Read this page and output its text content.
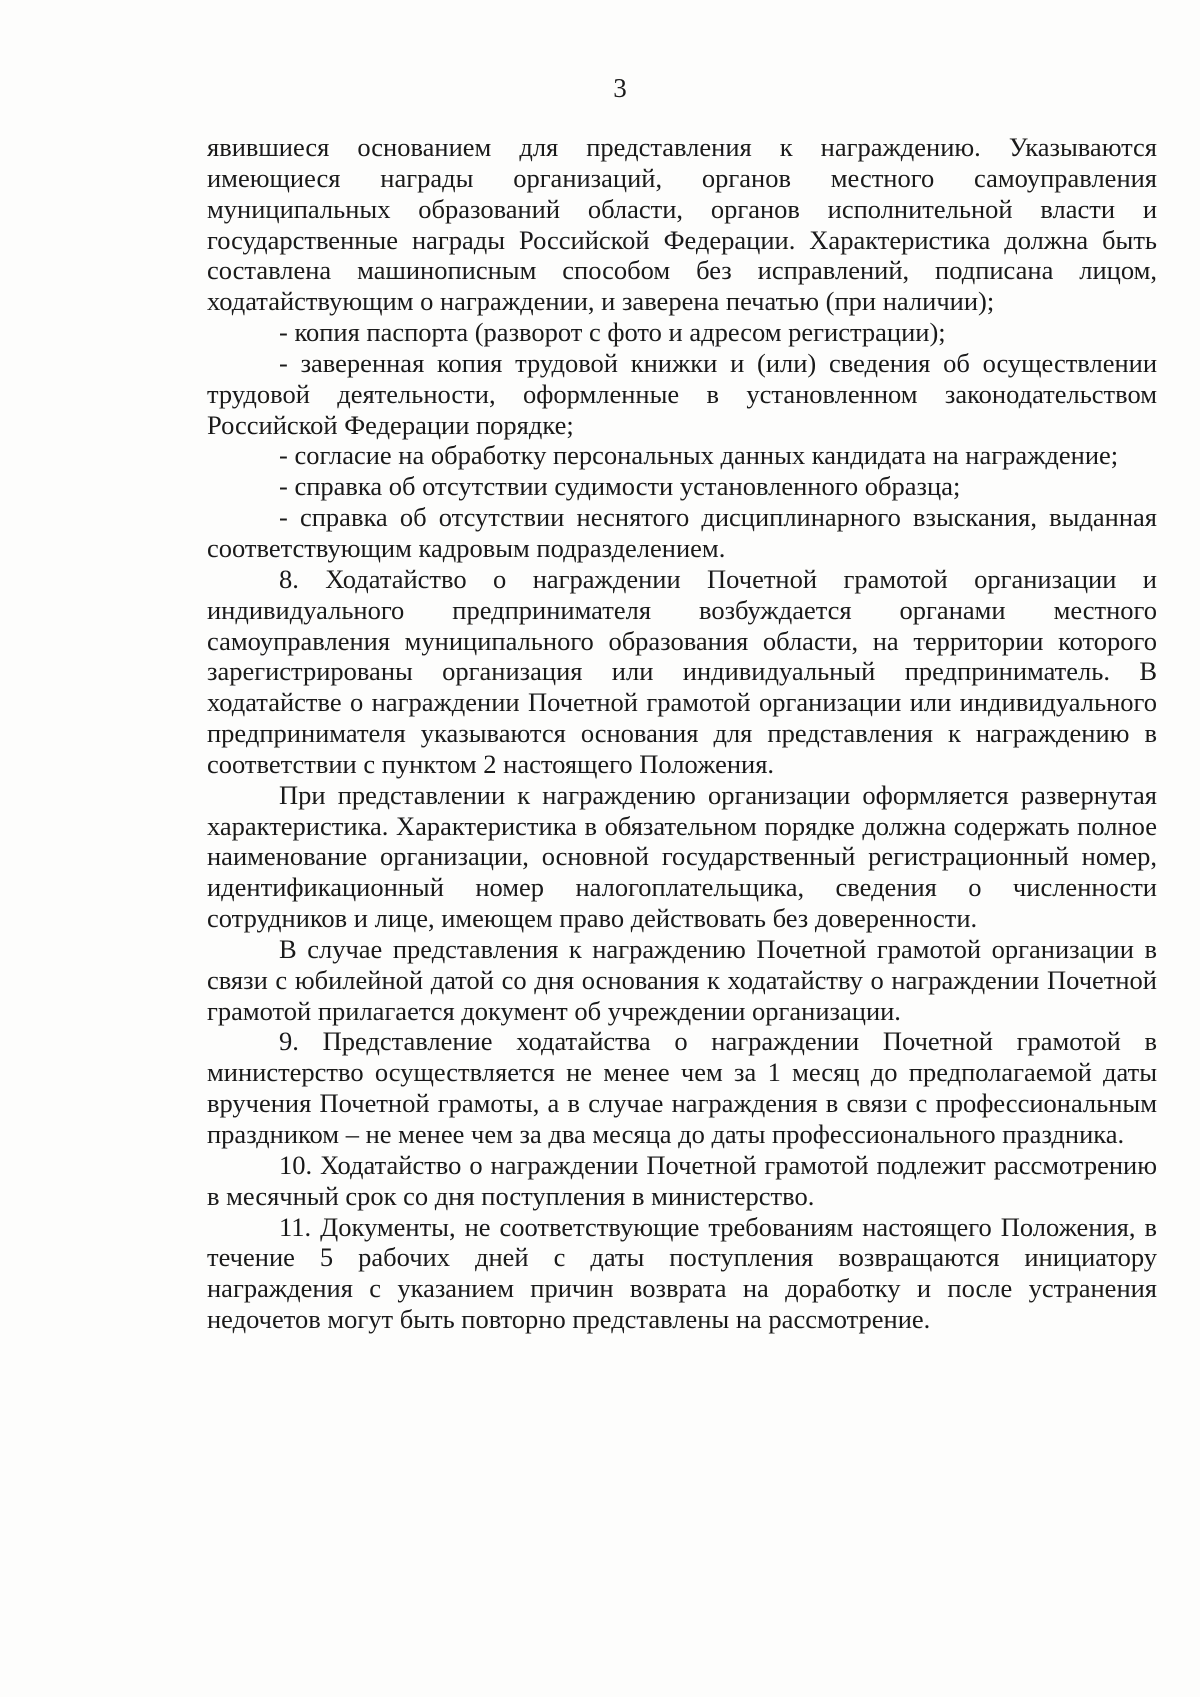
3

явившиеся основанием для представления к награждению. Указываются имеющиеся награды организаций, органов местного самоуправления муниципальных образований области, органов исполнительной власти и государственные награды Российской Федерации. Характеристика должна быть составлена машинописным способом без исправлений, подписана лицом, ходатайствующим о награждении, и заверена печатью (при наличии);

- копия паспорта (разворот с фото и адресом регистрации);

- заверенная копия трудовой книжки и (или) сведения об осуществлении трудовой деятельности, оформленные в установленном законодательством Российской Федерации порядке;

- согласие на обработку персональных данных кандидата на награждение;

- справка об отсутствии судимости установленного образца;

- справка об отсутствии неснятого дисциплинарного взыскания, выданная соответствующим кадровым подразделением.

8. Ходатайство о награждении Почетной грамотой организации и индивидуального предпринимателя возбуждается органами местного самоуправления муниципального образования области, на территории которого зарегистрированы организация или индивидуальный предприниматель. В ходатайстве о награждении Почетной грамотой организации или индивидуального предпринимателя указываются основания для представления к награждению в соответствии с пунктом 2 настоящего Положения.

При представлении к награждению организации оформляется развернутая характеристика. Характеристика в обязательном порядке должна содержать полное наименование организации, основной государственный регистрационный номер, идентификационный номер налогоплательщика, сведения о численности сотрудников и лице, имеющем право действовать без доверенности.

В случае представления к награждению Почетной грамотой организации в связи с юбилейной датой со дня основания к ходатайству о награждении Почетной грамотой прилагается документ об учреждении организации.

9. Представление ходатайства о награждении Почетной грамотой в министерство осуществляется не менее чем за 1 месяц до предполагаемой даты вручения Почетной грамоты, а в случае награждения в связи с профессиональным праздником – не менее чем за два месяца до даты профессионального праздника.

10. Ходатайство о награждении Почетной грамотой подлежит рассмотрению в месячный срок со дня поступления в министерство.

11. Документы, не соответствующие требованиям настоящего Положения, в течение 5 рабочих дней с даты поступления возвращаются инициатору награждения с указанием причин возврата на доработку и после устранения недочетов могут быть повторно представлены на рассмотрение.
